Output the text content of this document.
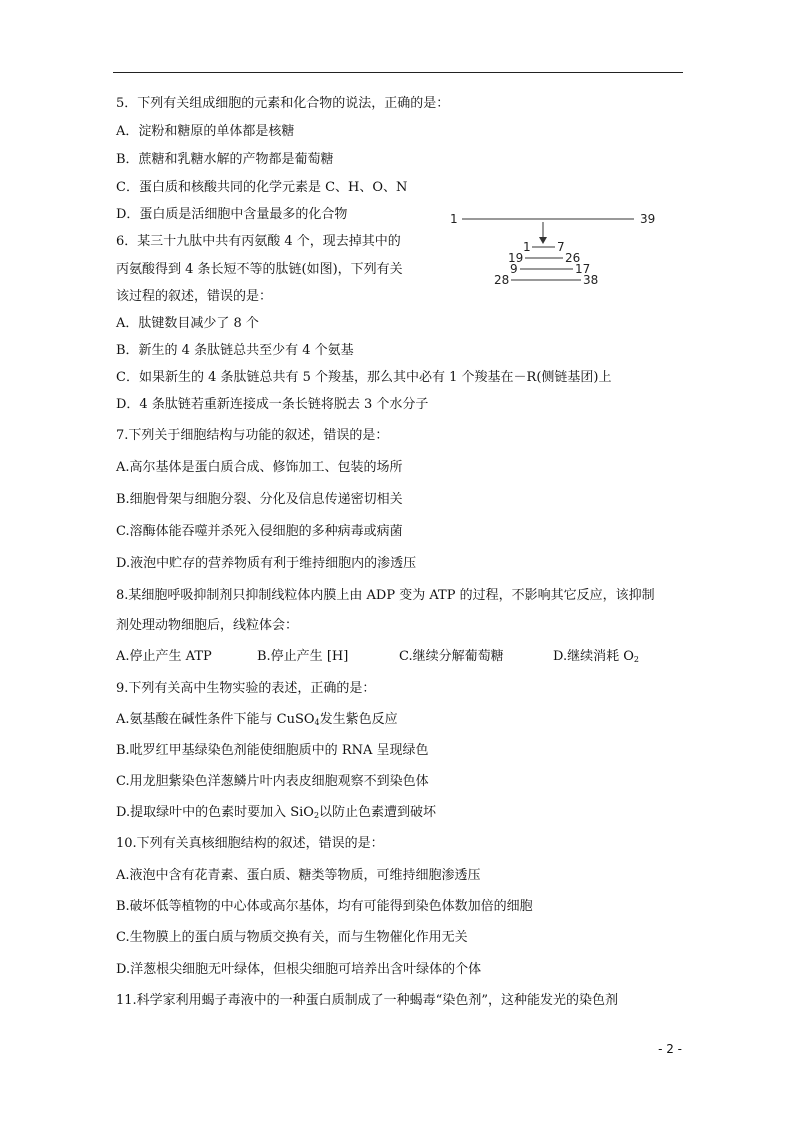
5．下列有关组成细胞的元素和化合物的说法，正确的是：
A．淀粉和糖原的单体都是核糖
B．蔗糖和乳糖水解的产物都是葡萄糖
C．蛋白质和核酸共同的化学元素是 C、H、O、N
D．蛋白质是活细胞中含量最多的化合物	1	39
1 7
19	26
9	17
28	38
6．某三十九肽中共有丙氨酸 4 个，现去掉其中的
丙氨酸得到 4 条长短不等的肽链(如图)，下列有关
该过程的叙述，错误的是：
A．肽键数目减少了 8 个
B．新生的 4 条肽链总共至少有 4 个氨基
C．如果新生的 4 条肽链总共有 5 个羧基，那么其中必有 1 个羧基在－R(侧链基团)上
D．4 条肽链若重新连接成一条长链将脱去 3 个水分子
7.下列关于细胞结构与功能的叙述，错误的是：
A.高尔基体是蛋白质合成、修饰加工、包装的场所
B.细胞骨架与细胞分裂、分化及信息传递密切相关
C.溶酶体能吞噬并杀死入侵细胞的多种病毒或病菌
D.液泡中贮存的营养物质有利于维持细胞内的渗透压
8.某细胞呼吸抑制剂只抑制线粒体内膜上由 ADP 变为 ATP 的过程，不影响其它反应，该抑制
剂处理动物细胞后，线粒体会：
A.停止产生 ATP	B.停止产生 [H]	C.继续分解葡萄糖	D.继续消耗 $O_2$
9.下列有关高中生物实验的表述，正确的是：
A.氨基酸在碱性条件下能与 CuSO$_4$发生紫色反应
B.吡罗红甲基绿染色剂能使细胞质中的 RNA 呈现绿色
C.用龙胆紫染色洋葱鳞片叶内表皮细胞观察不到染色体
D.提取绿叶中的色素时要加入 SiO$_2$以防止色素遭到破坏
10.下列有关真核细胞结构的叙述，错误的是：
A.液泡中含有花青素、蛋白质、糖类等物质，可维持细胞渗透压
B.破坏低等植物的中心体或高尔基体，均有可能得到染色体数加倍的细胞
C.生物膜上的蛋白质与物质交换有关，而与生物催化作用无关
D.洋葱根尖细胞无叶绿体，但根尖细胞可培养出含叶绿体的个体
11.科学家利用蝎子毒液中的一种蛋白质制成了一种蝎毒“染色剂”，这种能发光的染色剂
- 2 -
